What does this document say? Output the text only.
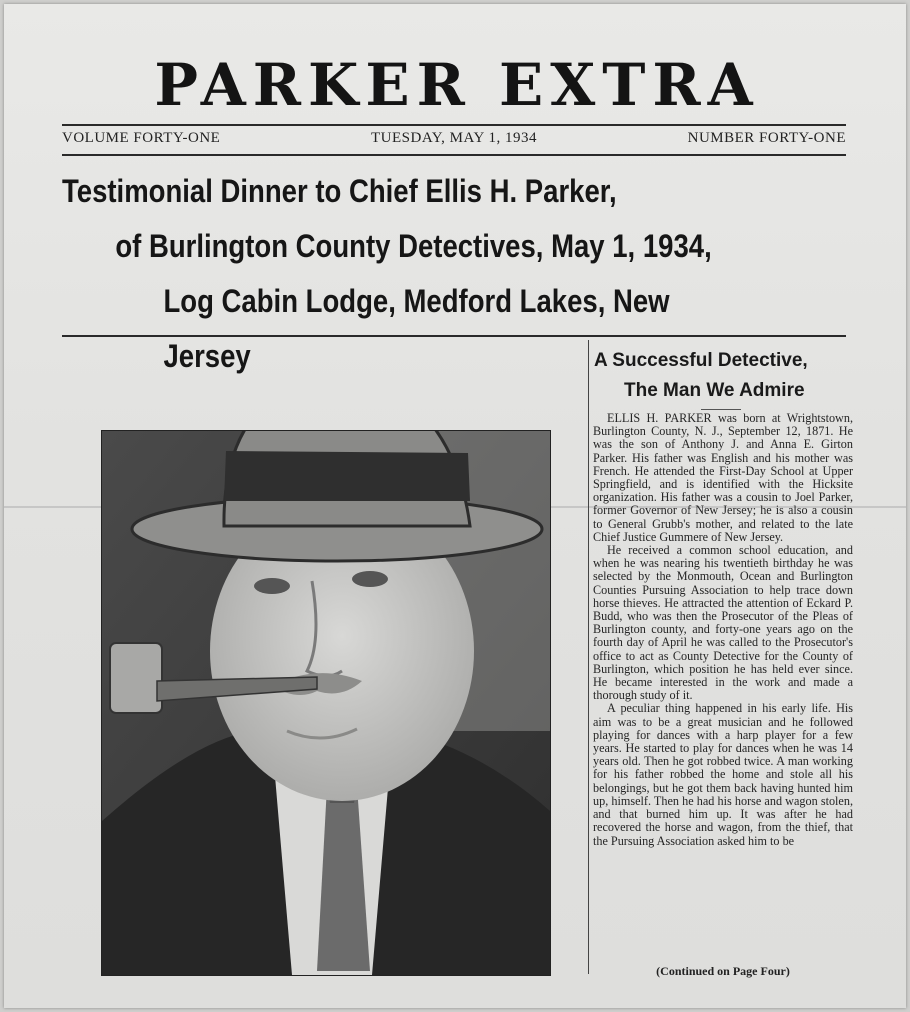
PARKER EXTRA
VOLUME FORTY-ONE	TUESDAY, MAY 1, 1934	NUMBER FORTY-ONE
Testimonial Dinner to Chief Ellis H. Parker,
of Burlington County Detectives, May 1, 1934,
Log Cabin Lodge, Medford Lakes, New Jersey	A Successful Detective,
The Man We Admire

ELLIS H. PARKER was born at Wrightstown, Burlington County, N. J., September 12, 1871. He was the son of Anthony J. and Anna E. Girton Parker. His father was English and his mother was French. He attended the First-Day School at Upper Springfield, and is identified with the Hicksite organization. His father was a cousin to Joel Parker, former Governor of New Jersey; he is also a cousin to General Grubb's mother, and related to the late Chief Justice Gummere of New Jersey.

He received a common school education, and when he was nearing his twentieth birthday he was selected by the Monmouth, Ocean and Burlington Counties Pursuing Association to help trace down horse thieves. He attracted the attention of Eckard P. Budd, who was then the Prosecutor of the Pleas of Burlington county, and forty-one years ago on the fourth day of April he was called to the Prosecutor's office to act as County Detective for the County of Burlington, which position he has held ever since. He became interested in the work and made a thorough study of it.

A peculiar thing happened in his early life. His aim was to be a great musician and he followed playing for dances with a harp player for a few years. He started to play for dances when he was 14 years old. Then he got robbed twice. A man working for his father robbed the home and stole all his belongings, but he got them back having hunted him up, himself. Then he had his horse and wagon stolen, and that burned him up. It was after he had recovered the horse and wagon, from the thief, that the Pursuing Association asked him to be

(Continued on Page Four)
